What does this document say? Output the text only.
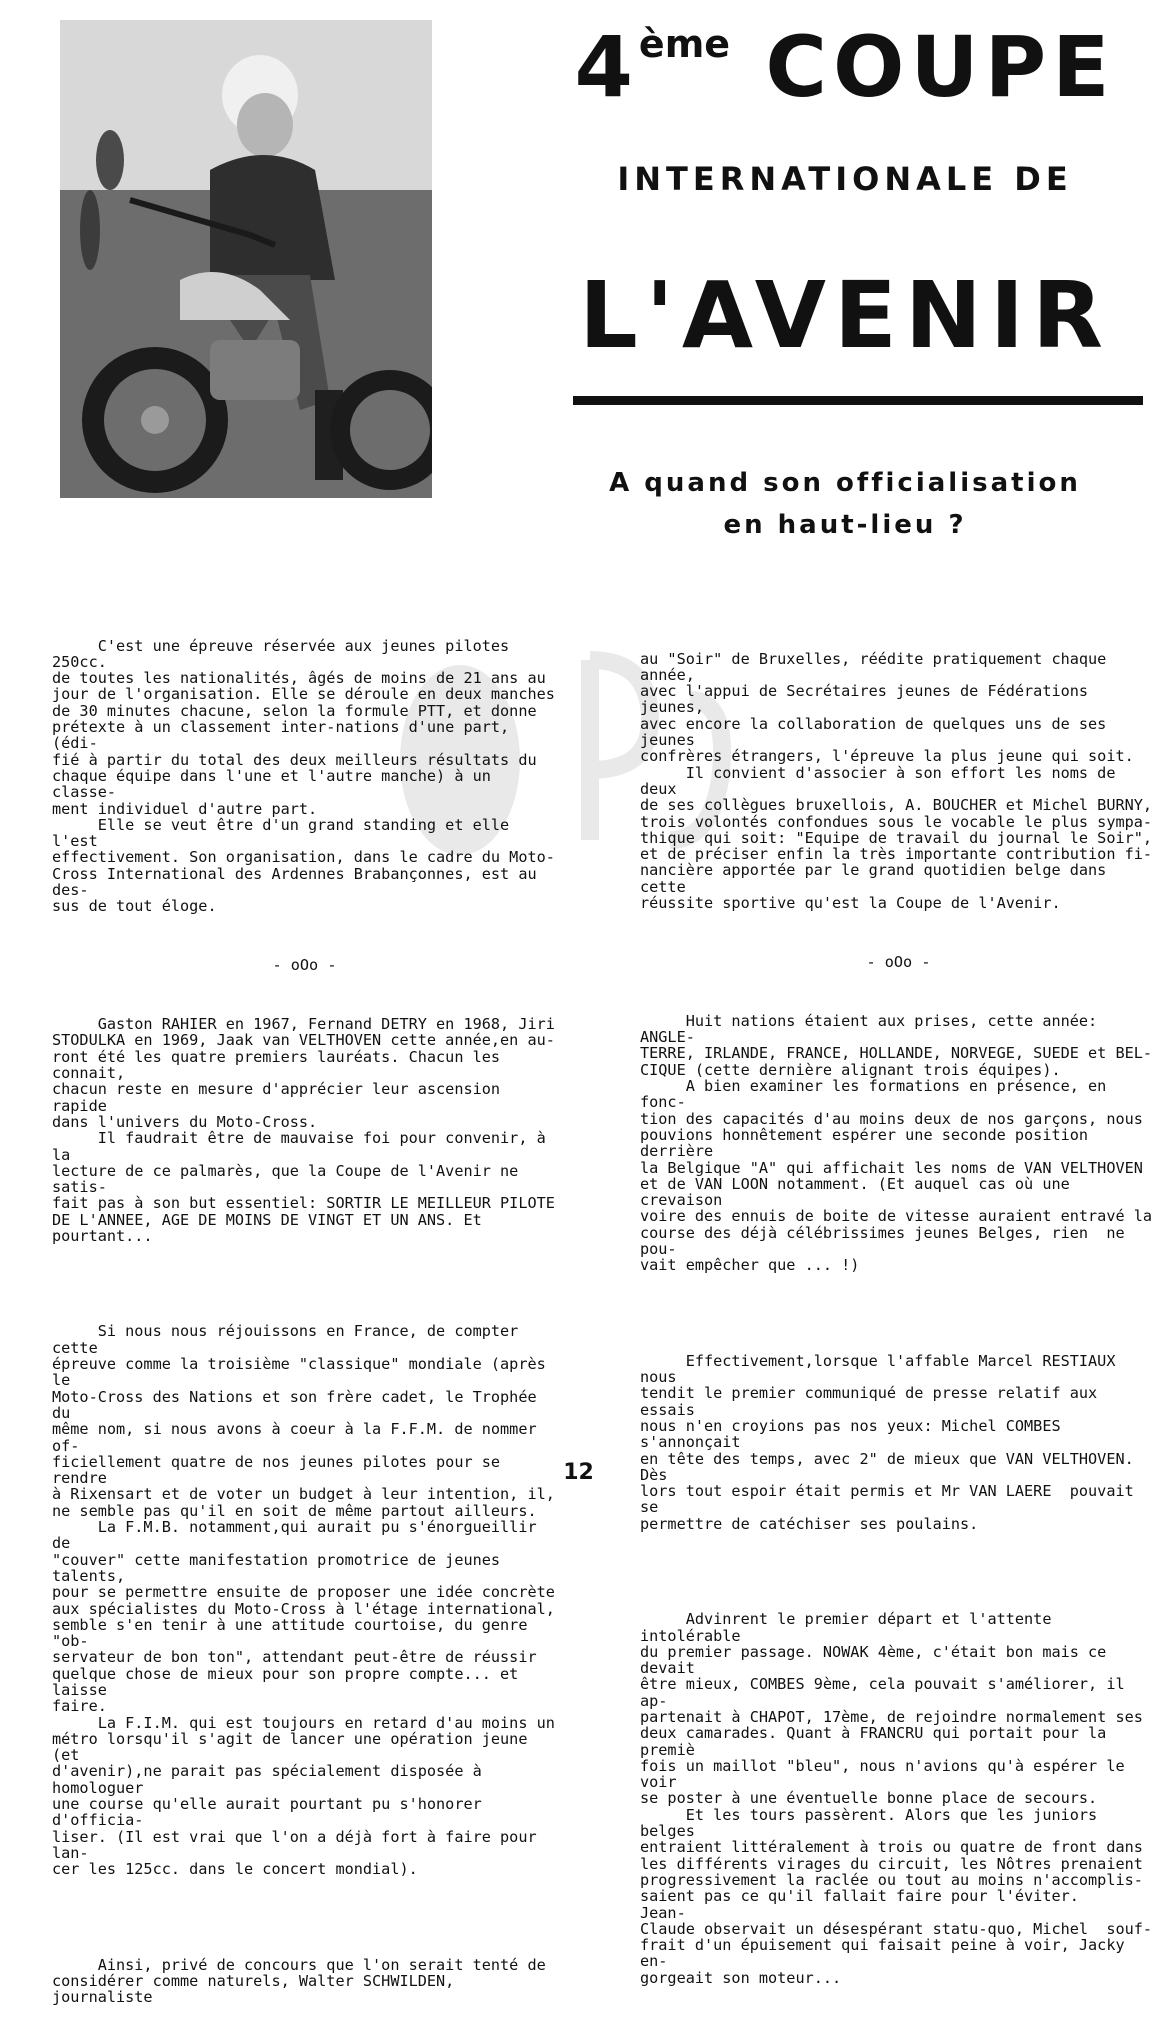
4ème COUPE
INTERNATIONALE DE
L'AVENIR
A quand son officialisation
en haut-lieu ?

C'est une épreuve réservée aux jeunes pilotes 250cc.
de toutes les nationalités, âgés de moins de 21 ans au
jour de l'organisation. Elle se déroule en deux manches
de 30 minutes chacune, selon la formule PTT, et donne
prétexte à un classement inter-nations d'une part, (édi-
fié à partir du total des deux meilleurs résultats du
chaque équipe dans l'une et l'autre manche) à un classe-
ment individuel d'autre part.
Elle se veut être d'un grand standing et elle l'est
effectivement. Son organisation, dans le cadre du Moto-
Cross International des Ardennes Brabançonnes, est au des-
sus de tout éloge.

- oOo -

Gaston RAHIER en 1967, Fernand DETRY en 1968, Jiri
STODULKA en 1969, Jaak van VELTHOVEN cette année,en au-
ront été les quatre premiers lauréats. Chacun les connait,
chacun reste en mesure d'apprécier leur ascension rapide
dans l'univers du Moto-Cross.
Il faudrait être de mauvaise foi pour convenir, à la
lecture de ce palmarès, que la Coupe de l'Avenir ne satis-
fait pas à son but essentiel: SORTIR LE MEILLEUR PILOTE
DE L'ANNEE, AGE DE MOINS DE VINGT ET UN ANS. Et pourtant...

Si nous nous réjouissons en France, de compter cette
épreuve comme la troisième "classique" mondiale (après le
Moto-Cross des Nations et son frère cadet, le Trophée du
même nom, si nous avons à coeur à la F.F.M. de nommer of-
ficiellement quatre de nos jeunes pilotes pour se rendre
à Rixensart et de voter un budget à leur intention, il,
ne semble pas qu'il en soit de même partout ailleurs.
La F.M.B. notamment,qui aurait pu s'énorgueillir de
"couver" cette manifestation promotrice de jeunes talents,
pour se permettre ensuite de proposer une idée concrète
aux spécialistes du Moto-Cross à l'étage international,
semble s'en tenir à une attitude courtoise, du genre "ob-
servateur de bon ton", attendant peut-être de réussir
quelque chose de mieux pour son propre compte... et laisse
faire.
La F.I.M. qui est toujours en retard d'au moins un
métro lorsqu'il s'agit de lancer une opération jeune (et
d'avenir),ne parait pas spécialement disposée à homologuer
une course qu'elle aurait pourtant pu s'honorer d'officia-
liser. (Il est vrai que l'on a déjà fort à faire pour lan-
cer les 125cc. dans le concert mondial).

Ainsi, privé de concours que l'on serait tenté de
considérer comme naturels, Walter SCHWILDEN, journaliste

au "Soir" de Bruxelles, réédite pratiquement chaque année,
avec l'appui de Secrétaires jeunes de Fédérations jeunes,
avec encore la collaboration de quelques uns de ses jeunes
confrères étrangers, l'épreuve la plus jeune qui soit.
Il convient d'associer à son effort les noms de deux
de ses collègues bruxellois, A. BOUCHER et Michel BURNY,
trois volontés confondues sous le vocable le plus sympa-
thique qui soit: "Equipe de travail du journal le Soir",
et de préciser enfin la très importante contribution fi-
nancière apportée par le grand quotidien belge dans cette
réussite sportive qu'est la Coupe de l'Avenir.

- oOo -

Huit nations étaient aux prises, cette année: ANGLE-
TERRE, IRLANDE, FRANCE, HOLLANDE, NORVEGE, SUEDE et BEL-
CIQUE (cette dernière alignant trois équipes).
A bien examiner les formations en présence, en fonc-
tion des capacités d'au moins deux de nos garçons, nous
pouvions honnêtement espérer une seconde position derrière
la Belgique "A" qui affichait les noms de VAN VELTHOVEN
et de VAN LOON notamment. (Et auquel cas où une crevaison
voire des ennuis de boite de vitesse auraient entravé la
course des déjà célébrissimes jeunes Belges, rien  ne pou-
vait empêcher que ... !)

Effectivement,lorsque l'affable Marcel RESTIAUX nous
tendit le premier communiqué de presse relatif aux essais
nous n'en croyions pas nos yeux: Michel COMBES s'annonçait
en tête des temps, avec 2" de mieux que VAN VELTHOVEN. Dès
lors tout espoir était permis et Mr VAN LAERE  pouvait se
permettre de catéchiser ses poulains.

Advinrent le premier départ et l'attente intolérable
du premier passage. NOWAK 4ème, c'était bon mais ce devait
être mieux, COMBES 9ème, cela pouvait s'améliorer, il ap-
partenait à CHAPOT, 17ème, de rejoindre normalement ses
deux camarades. Quant à FRANCRU qui portait pour la premiè
fois un maillot "bleu", nous n'avions qu'à espérer le voir
se poster à une éventuelle bonne place de secours.
Et les tours passèrent. Alors que les juniors belges
entraient littéralement à trois ou quatre de front dans
les différents virages du circuit, les Nôtres prenaient
progressivement la raclée ou tout au moins n'accomplis-
saient pas ce qu'il fallait faire pour l'éviter.    Jean-
Claude observait un désespérant statu-quo, Michel  souf-
frait d'un épuisement qui faisait peine à voir, Jacky en-
gorgeait son moteur...

12
